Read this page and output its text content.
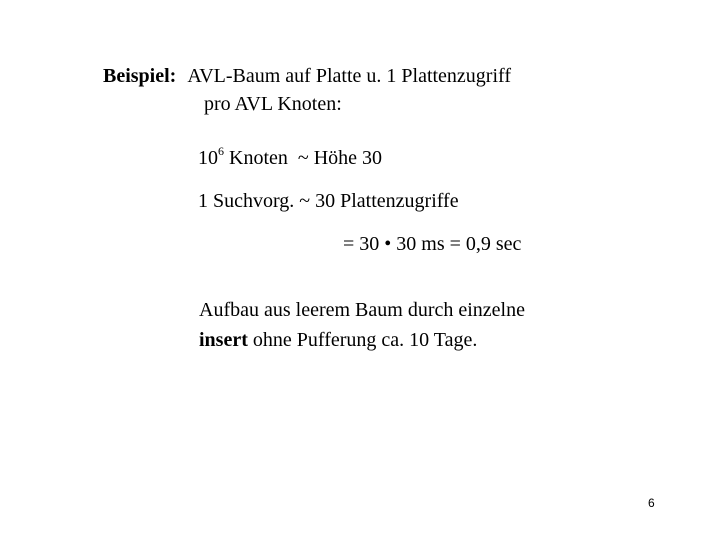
Beispiel: AVL-Baum auf Platte u. 1 Plattenzugriff
pro AVL Knoten:
$10^6$ Knoten  ~ Höhe 30
1 Suchvorg. ~ 30 Plattenzugriffe
= 30 • 30 ms = 0,9 sec
Aufbau aus leerem Baum durch einzelne
insert ohne Pufferung ca. 10 Tage.
6
